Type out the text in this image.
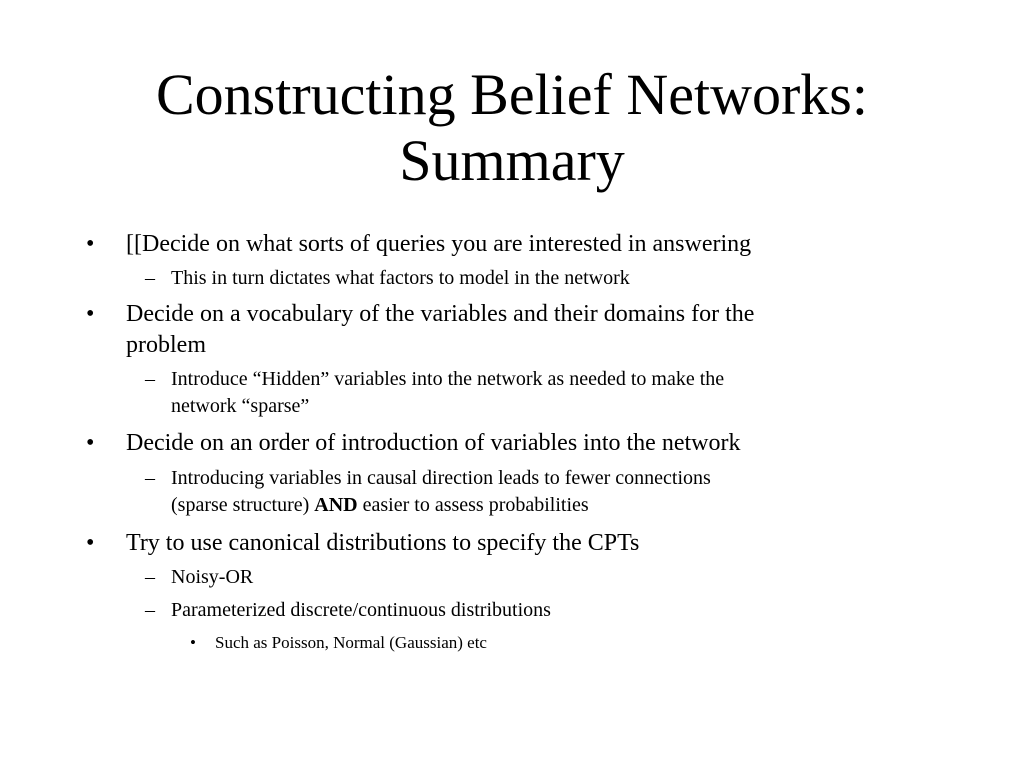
Constructing Belief Networks:
Summary
• [[Decide on what sorts of queries you are interested in answering
– This in turn dictates what factors to model in the network
• Decide on a vocabulary of the variables and their domains for the
problem
– Introduce “Hidden” variables into the network as needed to make the
network “sparse”
• Decide on an order of introduction of variables into the network
– Introducing variables in causal direction leads to fewer connections
(sparse structure) AND easier to assess probabilities
• Try to use canonical distributions to specify the CPTs
– Noisy-OR
– Parameterized discrete/continuous distributions
• Such as Poisson, Normal (Gaussian) etc
